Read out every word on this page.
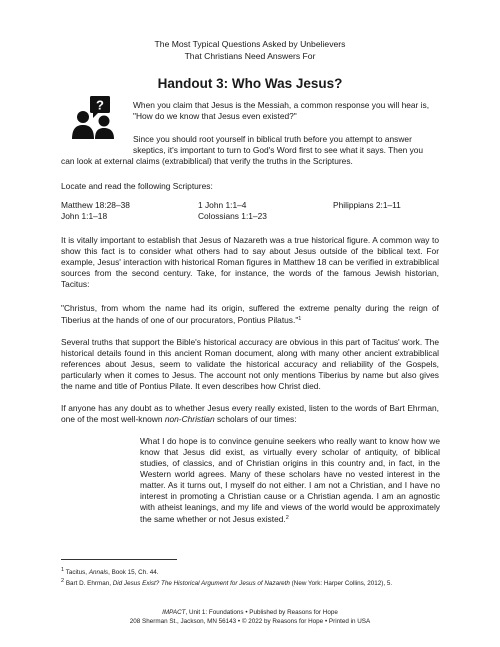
The Most Typical Questions Asked by Unbelievers
That Christians Need Answers For
Handout 3: Who Was Jesus?
?	When you claim that Jesus is the Messiah, a common response you will hear is, "How do we know that Jesus even existed?"
Since you should root yourself in biblical truth before you attempt to answer skeptics, it's important to turn to God's Word first to see what it says. Then you
can look at external claims (extrabiblical) that verify the truths in the Scriptures.
Locate and read the following Scriptures:
Matthew 18:28–38
John 1:1–18
1 John 1:1–4
Colossians 1:1–23
Philippians 2:1–11
It is vitally important to establish that Jesus of Nazareth was a true historical figure. A common way to show this fact is to consider what others had to say about Jesus outside of the biblical text. For example, Jesus' interaction with historical Roman figures in Matthew 18 can be verified in extrabiblical sources from the second century. Take, for instance, the words of the famous Jewish historian, Tacitus:
"Christus, from whom the name had its origin, suffered the extreme penalty during the reign of Tiberius at the hands of one of our procurators, Pontius Pilatus."$^1$
Several truths that support the Bible's historical accuracy are obvious in this part of Tacitus' work. The historical details found in this ancient Roman document, along with many other ancient extrabiblical references about Jesus, seem to validate the historical accuracy and reliability of the Gospels, particularly when it comes to Jesus. The account not only mentions Tiberius by name but also gives the name and title of Pontius Pilate. It even describes how Christ died.
If anyone has any doubt as to whether Jesus every really existed, listen to the words of Bart Ehrman, one of the most well-known non-Christian scholars of our times:
What I do hope is to convince genuine seekers who really want to know how we know that Jesus did exist, as virtually every scholar of antiquity, of biblical studies, of classics, and of Christian origins in this country and, in fact, in the Western world agrees. Many of these scholars have no vested interest in the matter. As it turns out, I myself do not either. I am not a Christian, and I have no interest in promoting a Christian cause or a Christian agenda. I am an agnostic with atheist leanings, and my life and views of the world would be approximately the same whether or not Jesus existed.$^2$
$^1$ Tacitus, Annals, Book 15, Ch. 44.
$^2$ Bart D. Ehrman, Did Jesus Exist? The Historical Argument for Jesus of Nazareth (New York: Harper Collins, 2012), 5.
IMPACT, Unit 1: Foundations • Published by Reasons for Hope
208 Sherman St., Jackson, MN 56143 • © 2022 by Reasons for Hope • Printed in USA
